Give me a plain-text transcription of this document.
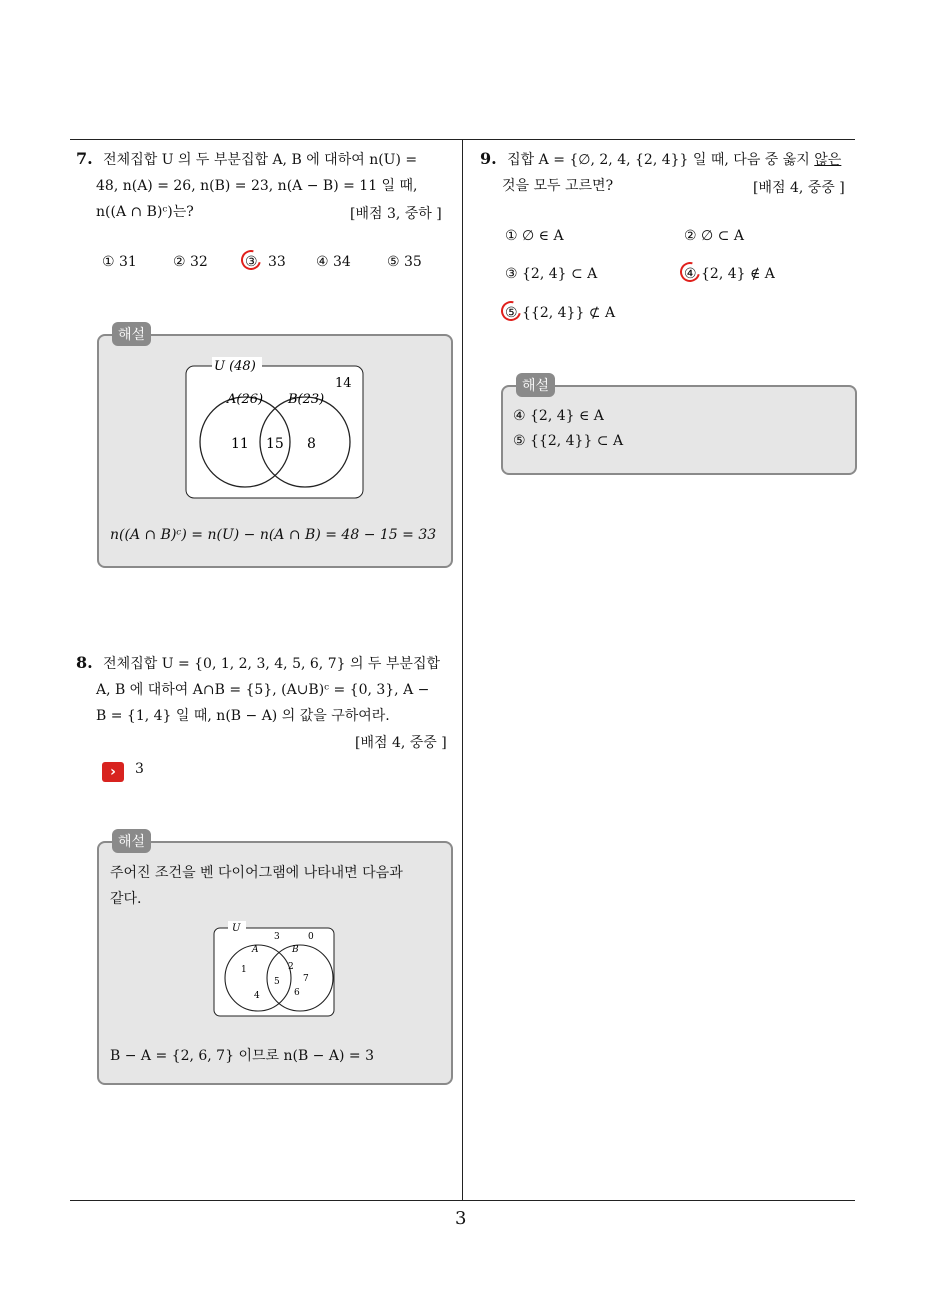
3
7. 전체집합 U 의 두 부분집합 A, B 에 대하여 n(U) =
48, n(A) = 26, n(B) = 23, n(A − B) = 11 일 때,
n((A ∩ B)ᶜ)는?	[배점 3, 중하 ]
① 31	② 32	③ 33 ④ 34	⑤ 35
해설
U (48)
14
A(26) B(23)
11 15 8
n((A ∩ B)ᶜ) = n(U) − n(A ∩ B) = 48 − 15 = 33
8. 전체집합 U = {0, 1, 2, 3, 4, 5, 6, 7} 의 두 부분집합
A, B 에 대하여 A∩B = {5}, (A∪B)ᶜ = {0, 3}, A −
B = {1, 4} 일 때, n(B − A) 의 값을 구하여라.
[배점 4, 중중 ]
›	3
해설
주어진 조건을 벤 다이어그램에 나타내면 다음과
같다.
U
3	0
A	B
1	2
5	7
4	6
B − A = {2, 6, 7} 이므로 n(B − A) = 3
9. 집합 A = {∅, 2, 4, {2, 4}} 일 때, 다음 중 옳지 않은
것을 모두 고르면?	[배점 4, 중중 ]
① ∅ ∈ A	② ∅ ⊂ A
③ {2, 4} ⊂ A	④ {2, 4} ∉ A
⑤ {{2, 4}} ⊄ A
해설
④ {2, 4} ∈ A
⑤ {{2, 4}} ⊂ A
